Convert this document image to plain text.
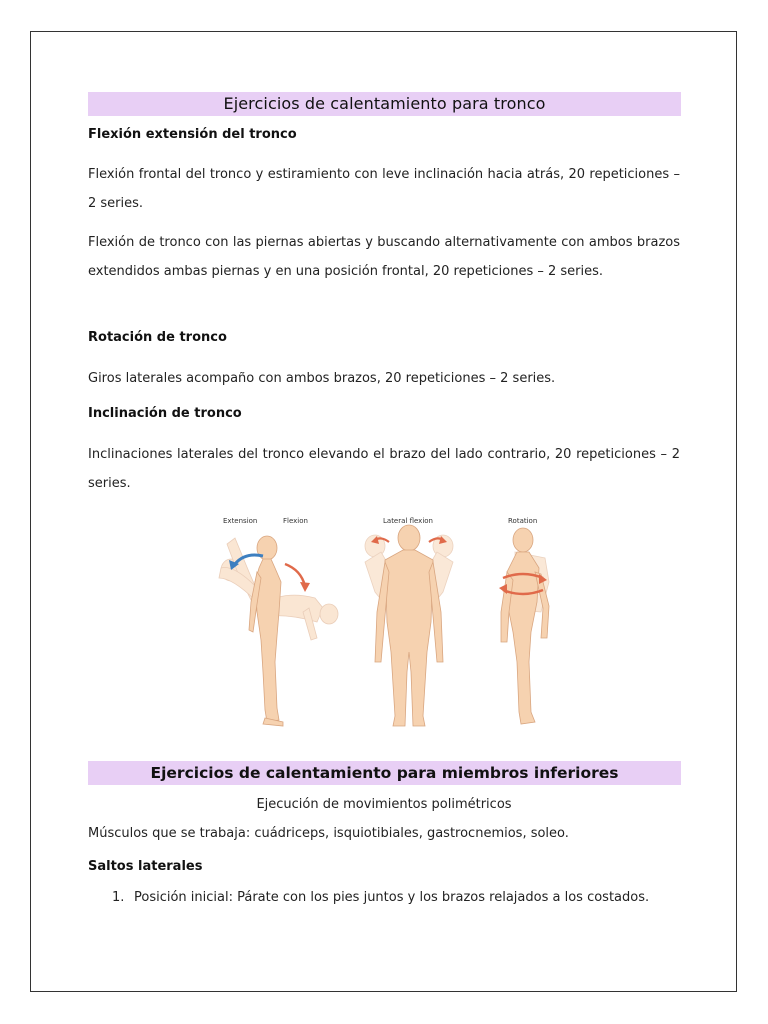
Ejercicios de calentamiento para tronco
Flexión extensión del tronco
Flexión frontal del tronco y estiramiento con leve inclinación hacia atrás, 20 repeticiones – 2 series.
Flexión de tronco con las piernas abiertas y buscando alternativamente con ambos brazos extendidos ambas piernas y en una posición frontal, 20 repeticiones – 2 series.
Rotación de tronco
Giros laterales acompaño con ambos brazos, 20 repeticiones – 2 series.
Inclinación de tronco
Inclinaciones laterales del tronco elevando el brazo del lado contrario, 20 repeticiones – 2 series.
Extension	Flexion	Lateral flexion	Rotation
Ejercicios de calentamiento para miembros inferiores
Ejecución de movimientos polimétricos
Músculos que se trabaja: cuádriceps, isquiotibiales, gastrocnemios, soleo.
Saltos laterales
1. Posición inicial: Párate con los pies juntos y los brazos relajados a los costados.
